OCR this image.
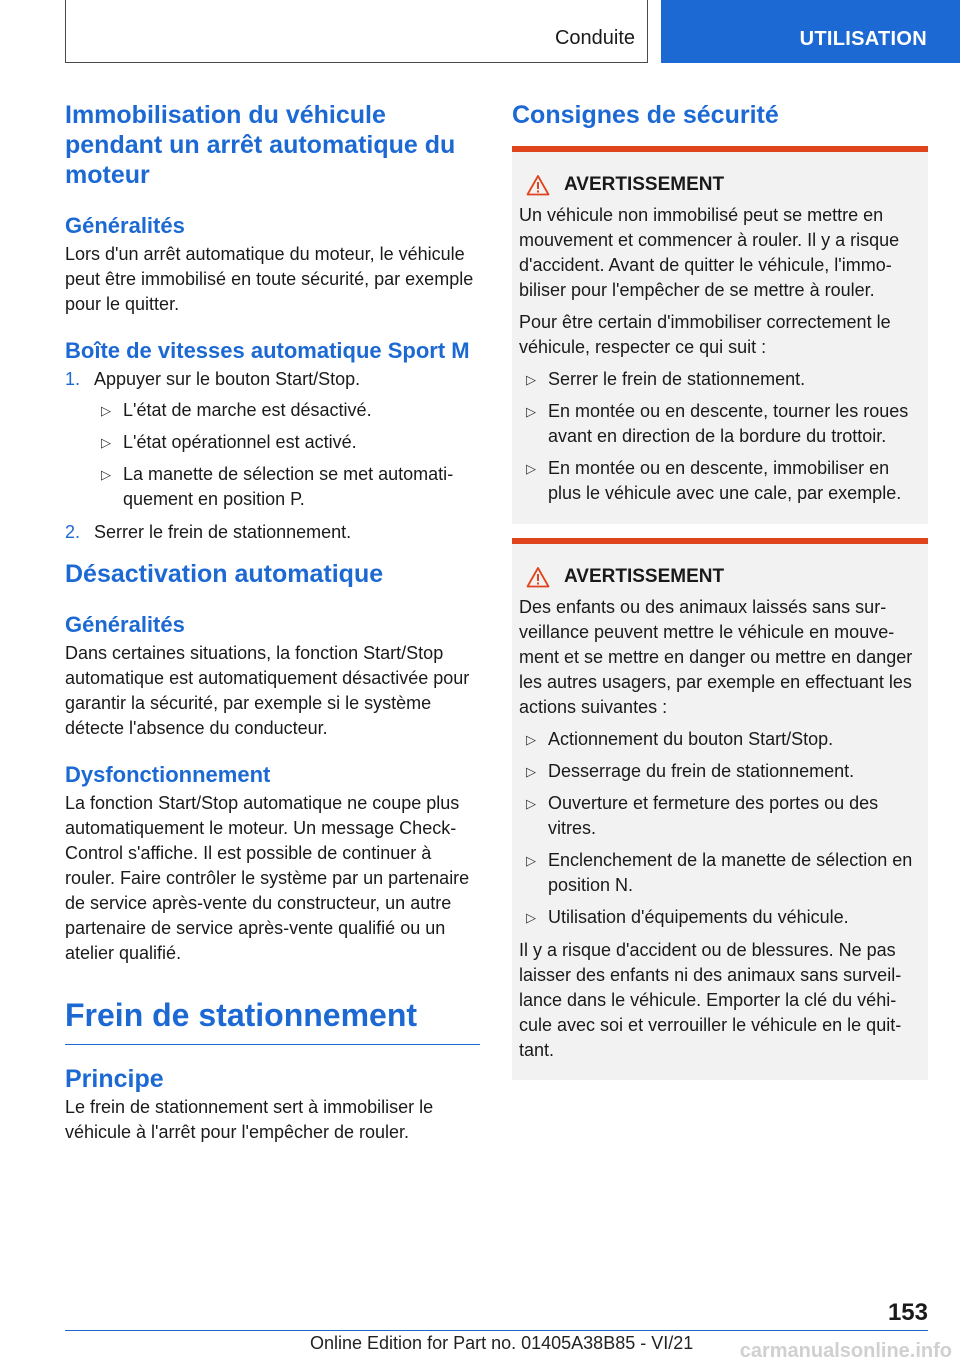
Conduite	UTILISATION
Immobilisation du véhicule pendant un arrêt automatique du moteur
Généralités

Lors d'un arrêt automatique du moteur, le véhicule peut être immobilisé en toute sécurité, par exemple pour le quitter.

Boîte de vitesses automatique Sport M
1. Appuyer sur le bouton Start/Stop.
▷ L'état de marche est désactivé.
▷ L'état opérationnel est activé.
▷ La manette de sélection se met automatiquement en position P.
2. Serrer le frein de stationnement.
Désactivation automatique
Généralités

Dans certaines situations, la fonction Start/Stop automatique est automatiquement désactivée pour garantir la sécurité, par exemple si le système détecte l'absence du conducteur.

Dysfonctionnement

La fonction Start/Stop automatique ne coupe plus automatiquement le moteur. Un message Check-Control s'affiche. Il est possible de continuer à rouler. Faire contrôler le système par un partenaire de service après-vente du constructeur, un autre partenaire de service après-vente qualifié ou un atelier qualifié.

Frein de stationnement
Principe

Le frein de stationnement sert à immobiliser le véhicule à l'arrêt pour l'empêcher de rouler.

Consignes de sécurité
AVERTISSEMENT

Un véhicule non immobilisé peut se mettre en mouvement et commencer à rouler. Il y a risque d'accident. Avant de quitter le véhicule, l'immobiliser pour l'empêcher de se mettre à rouler.

Pour être certain d'immobiliser correctement le véhicule, respecter ce qui suit :

▷ Serrer le frein de stationnement.
▷ En montée ou en descente, tourner les roues avant en direction de la bordure du trottoir.
▷ En montée ou en descente, immobiliser en plus le véhicule avec une cale, par exemple.
AVERTISSEMENT

Des enfants ou des animaux laissés sans surveillance peuvent mettre le véhicule en mouvement et se mettre en danger ou mettre en danger les autres usagers, par exemple en effectuant les actions suivantes :

▷ Actionnement du bouton Start/Stop.
▷ Desserrage du frein de stationnement.
▷ Ouverture et fermeture des portes ou des vitres.
▷ Enclenchement de la manette de sélection en position N.
▷ Utilisation d'équipements du véhicule.

Il y a risque d'accident ou de blessures. Ne pas laisser des enfants ni des animaux sans surveillance dans le véhicule. Emporter la clé du véhicule avec soi et verrouiller le véhicule en le quittant.

153
Online Edition for Part no. 01405A38B85 - VI/21 carmanualsonline.info
